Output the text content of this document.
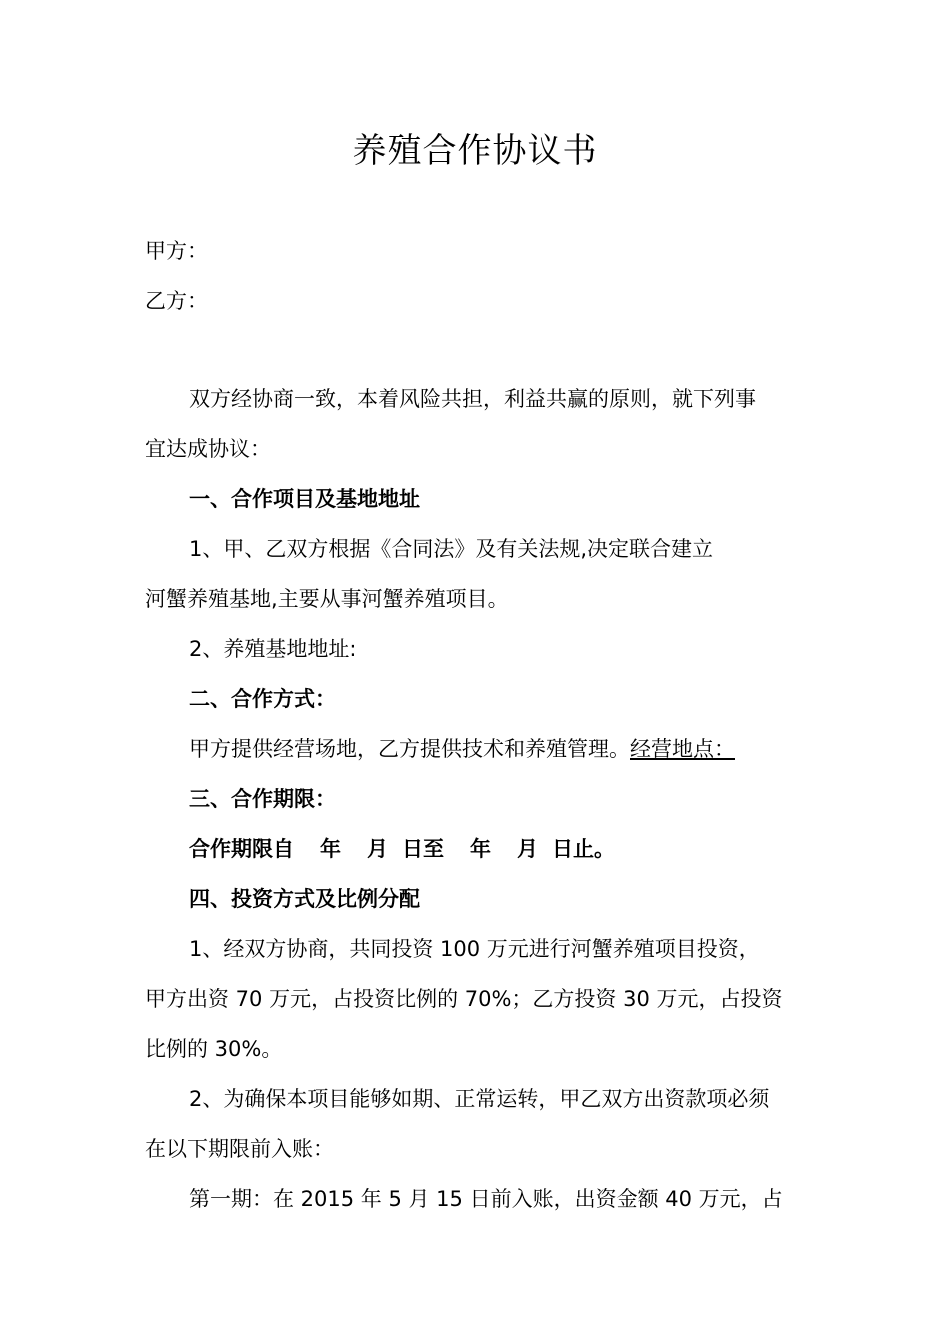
养殖合作协议书
甲方：
乙方：
双方经协商一致，本着风险共担，利益共赢的原则，就下列事
宜达成协议：
一、合作项目及基地地址
1、甲、乙双方根据《合同法》及有关法规,决定联合建立
河蟹养殖基地,主要从事河蟹养殖项目。
2、养殖基地地址:
二、合作方式：
甲方提供经营场地，乙方提供技术和养殖管理。经营地点：
三、合作期限：
合作期限自 年 月 日至 年 月 日止。
四、投资方式及比例分配
1、经双方协商，共同投资 100 万元进行河蟹养殖项目投资，
甲方出资 70 万元，占投资比例的 70%；乙方投资 30 万元，占投资
比例的 30%。
2、为确保本项目能够如期、正常运转，甲乙双方出资款项必须
在以下期限前入账：
第一期：在 2015 年 5 月 15 日前入账，出资金额 40 万元，占
